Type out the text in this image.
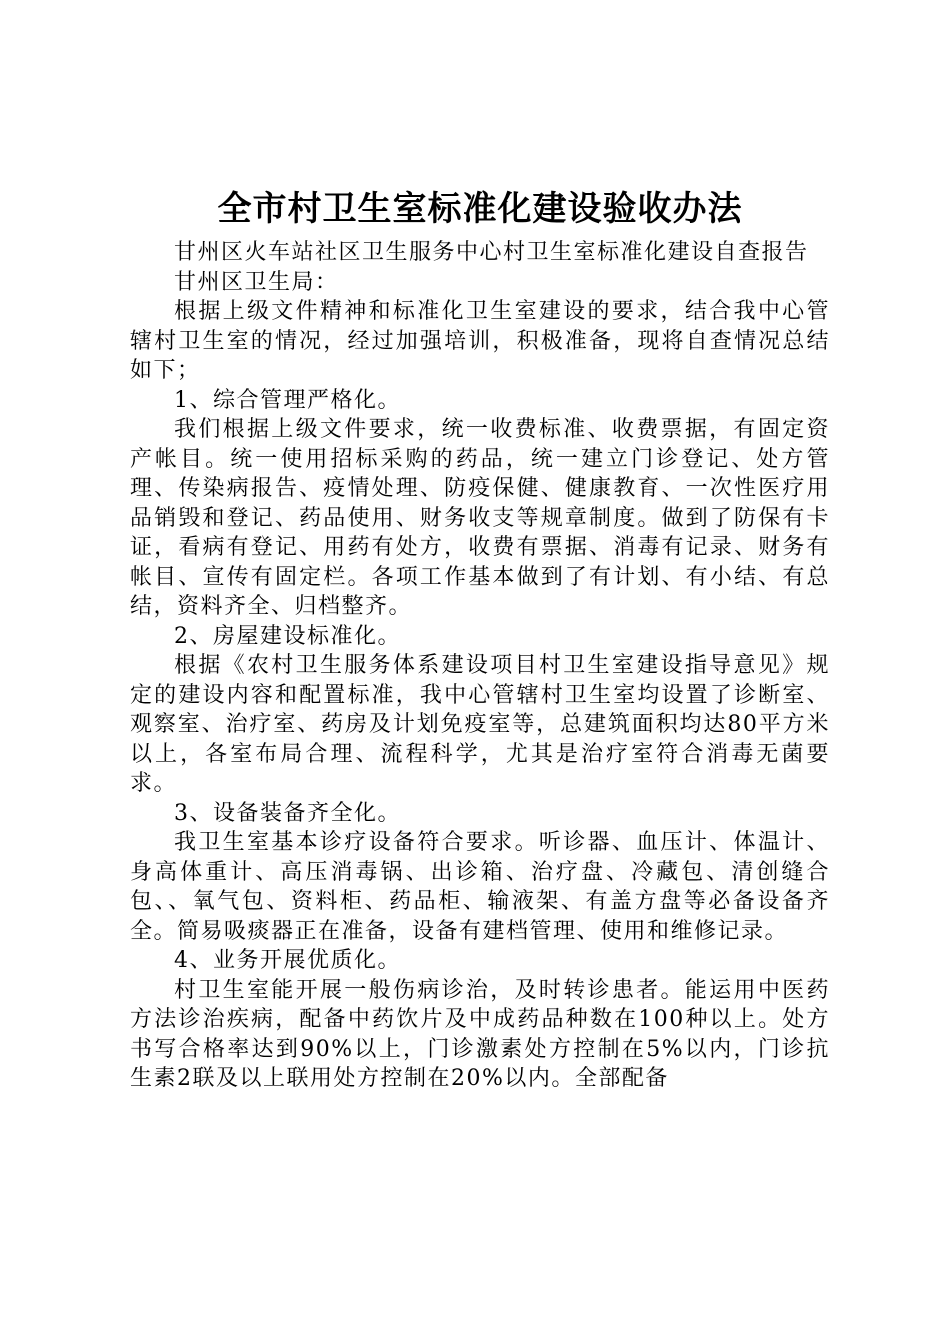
全市村卫生室标准化建设验收办法

甘州区火车站社区卫生服务中心村卫生室标准化建设自查报告

甘州区卫生局：

根据上级文件精神和标准化卫生室建设的要求，结合我中心管辖村卫生室的情况，经过加强培训，积极准备，现将自查情况总结如下；

1、综合管理严格化。

我们根据上级文件要求，统一收费标准、收费票据，有固定资产帐目。统一使用招标采购的药品，统一建立门诊登记、处方管理、传染病报告、疫情处理、防疫保健、健康教育、一次性医疗用品销毁和登记、药品使用、财务收支等规章制度。做到了防保有卡证，看病有登记、用药有处方，收费有票据、消毒有记录、财务有帐目、宣传有固定栏。各项工作基本做到了有计划、有小结、有总结，资料齐全、归档整齐。

2、房屋建设标准化。

根据《农村卫生服务体系建设项目村卫生室建设指导意见》规定的建设内容和配置标准，我中心管辖村卫生室均设置了诊断室、观察室、治疗室、药房及计划免疫室等，总建筑面积均达80平方米以上，各室布局合理、流程科学，尤其是治疗室符合消毒无菌要求。

3、设备装备齐全化。

我卫生室基本诊疗设备符合要求。听诊器、血压计、体温计、身高体重计、高压消毒锅、出诊箱、治疗盘、冷藏包、清创缝合包、、氧气包、资料柜、药品柜、输液架、有盖方盘等必备设备齐全。简易吸痰器正在准备，设备有建档管理、使用和维修记录。

4、业务开展优质化。

村卫生室能开展一般伤病诊治，及时转诊患者。能运用中医药方法诊治疾病，配备中药饮片及中成药品种数在100种以上。处方书写合格率达到90%以上，门诊激素处方控制在5%以内，门诊抗生素2联及以上联用处方控制在20%以内。全部配备
